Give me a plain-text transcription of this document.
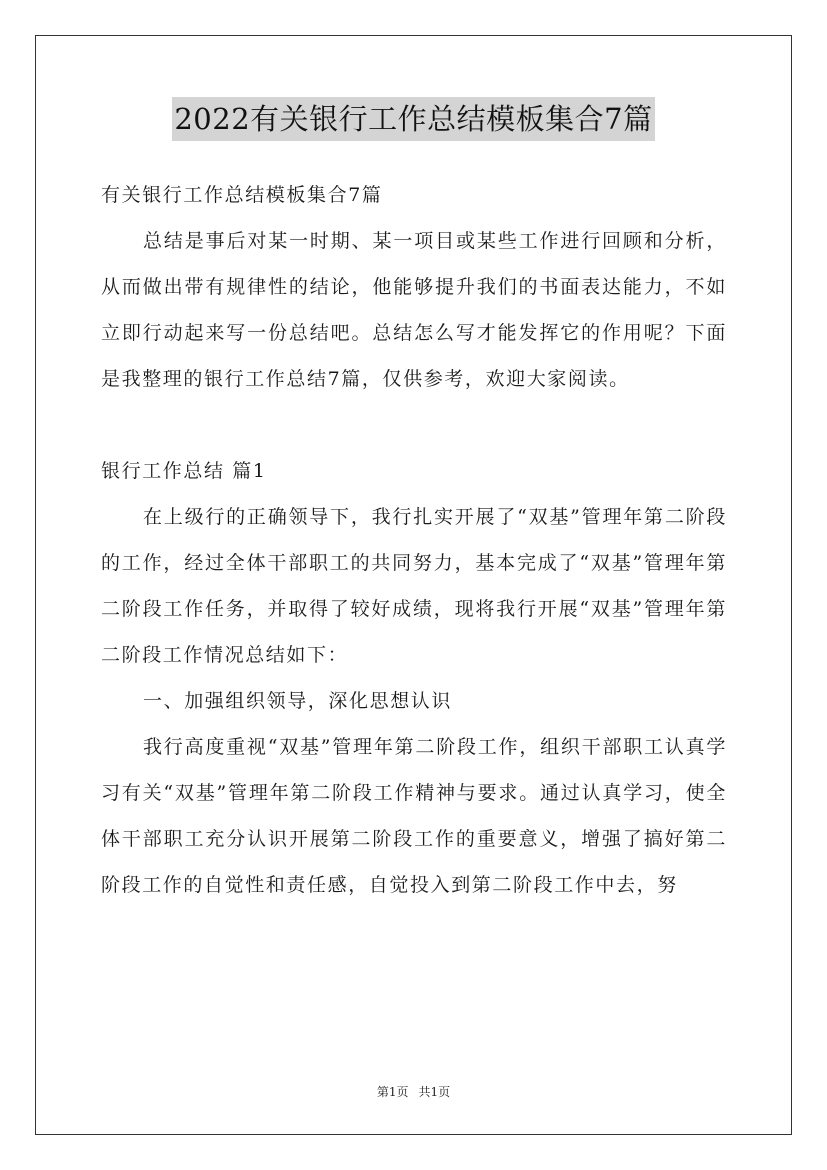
2022有关银行工作总结模板集合7篇

有关银行工作总结模板集合7篇

总结是事后对某一时期、某一项目或某些工作进行回顾和分析，从而做出带有规律性的结论，他能够提升我们的书面表达能力，不如立即行动起来写一份总结吧。总结怎么写才能发挥它的作用呢？下面是我整理的银行工作总结7篇，仅供参考，欢迎大家阅读。

银行工作总结 篇1

在上级行的正确领导下，我行扎实开展了“双基”管理年第二阶段的工作，经过全体干部职工的共同努力，基本完成了“双基”管理年第二阶段工作任务，并取得了较好成绩，现将我行开展“双基”管理年第二阶段工作情况总结如下：

一、加强组织领导，深化思想认识

我行高度重视“双基”管理年第二阶段工作，组织干部职工认真学习有关“双基”管理年第二阶段工作精神与要求。通过认真学习，使全体干部职工充分认识开展第二阶段工作的重要意义，增强了搞好第二阶段工作的自觉性和责任感，自觉投入到第二阶段工作中去，努

第1页 共1页
